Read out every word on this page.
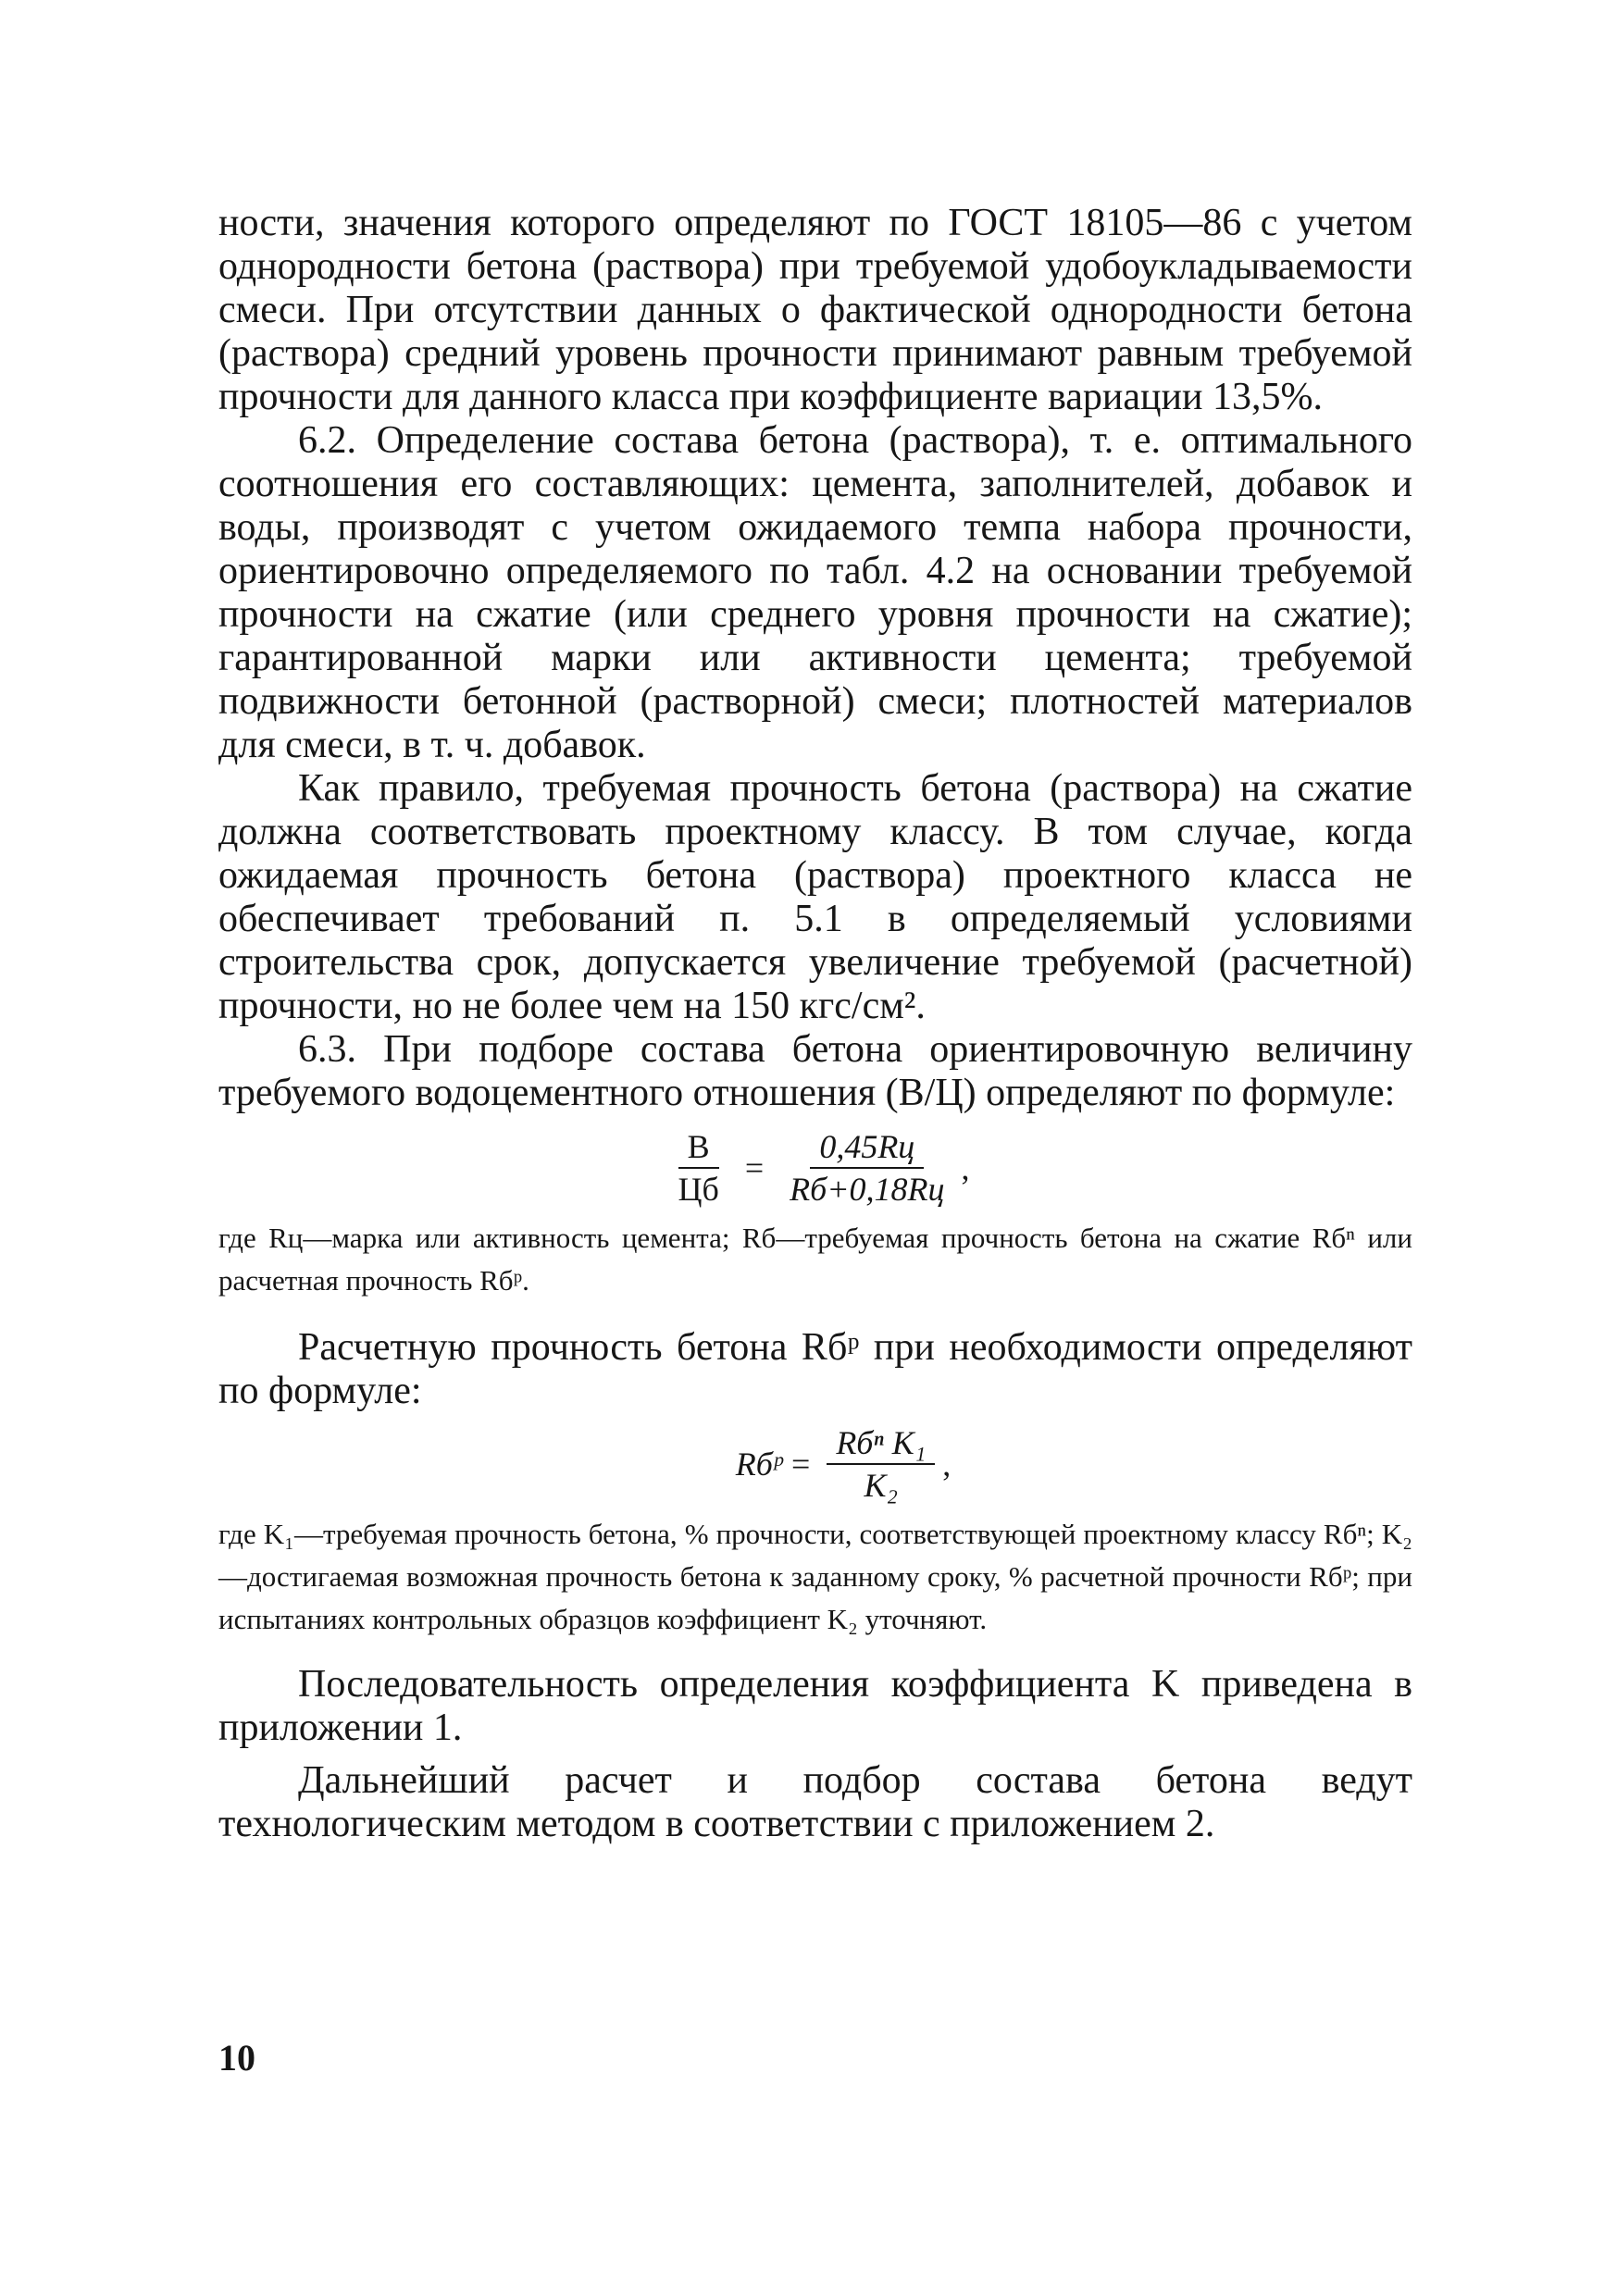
ности, значения которого определяют по ГОСТ 18105—86 с учетом однородности бетона (раствора) при требуемой удобоукладываемости смеси. При отсутствии данных о фактической однородности бетона (раствора) средний уровень прочности принимают равным требуемой прочности для данного класса при коэффициенте вариации 13,5%.

6.2. Определение состава бетона (раствора), т. е. оптимального соотношения его составляющих: цемента, заполнителей, добавок и воды, производят с учетом ожидаемого темпа набора прочности, ориентировочно определяемого по табл. 4.2 на основании требуемой прочности на сжатие (или среднего уровня прочности на сжатие); гарантированной марки или активности цемента; требуемой подвижности бетонной (растворной) смеси; плотностей материалов для смеси, в т. ч. добавок.

Как правило, требуемая прочность бетона (раствора) на сжатие должна соответствовать проектному классу. В том случае, когда ожидаемая прочность бетона (раствора) проектного класса не обеспечивает требований п. 5.1 в определяемый условиями строительства срок, допускается увеличение требуемой (расчетной) прочности, но не более чем на 150 кгс/см².

6.3. При подборе состава бетона ориентировочную величину требуемого водоцементного отношения (В/Ц) определяют по формуле:

$\frac{В}{Цб} = \frac{0,45Rц}{Rб+0,18Rц}$ ,

где Rц—марка или активность цемента; Rб—требуемая прочность бетона на сжатие Rбⁿ или расчетная прочность Rбᵖ.

Расчетную прочность бетона Rбᵖ при необходимости определяют по формуле:

Rбᵖ = $\frac{\text{Rбⁿ K₁}}{\text{K₂}}$ ,

где K₁—требуемая прочность бетона, % прочности, соответствующей проектному классу Rбⁿ; K₂—достигаемая возможная прочность бетона к заданному сроку, % расчетной прочности Rбᵖ; при испытаниях контрольных образцов коэффициент K₂ уточняют.

Последовательность определения коэффициента K приведена в приложении 1.

Дальнейший расчет и подбор состава бетона ведут технологическим методом в соответствии с приложением 2.

10
